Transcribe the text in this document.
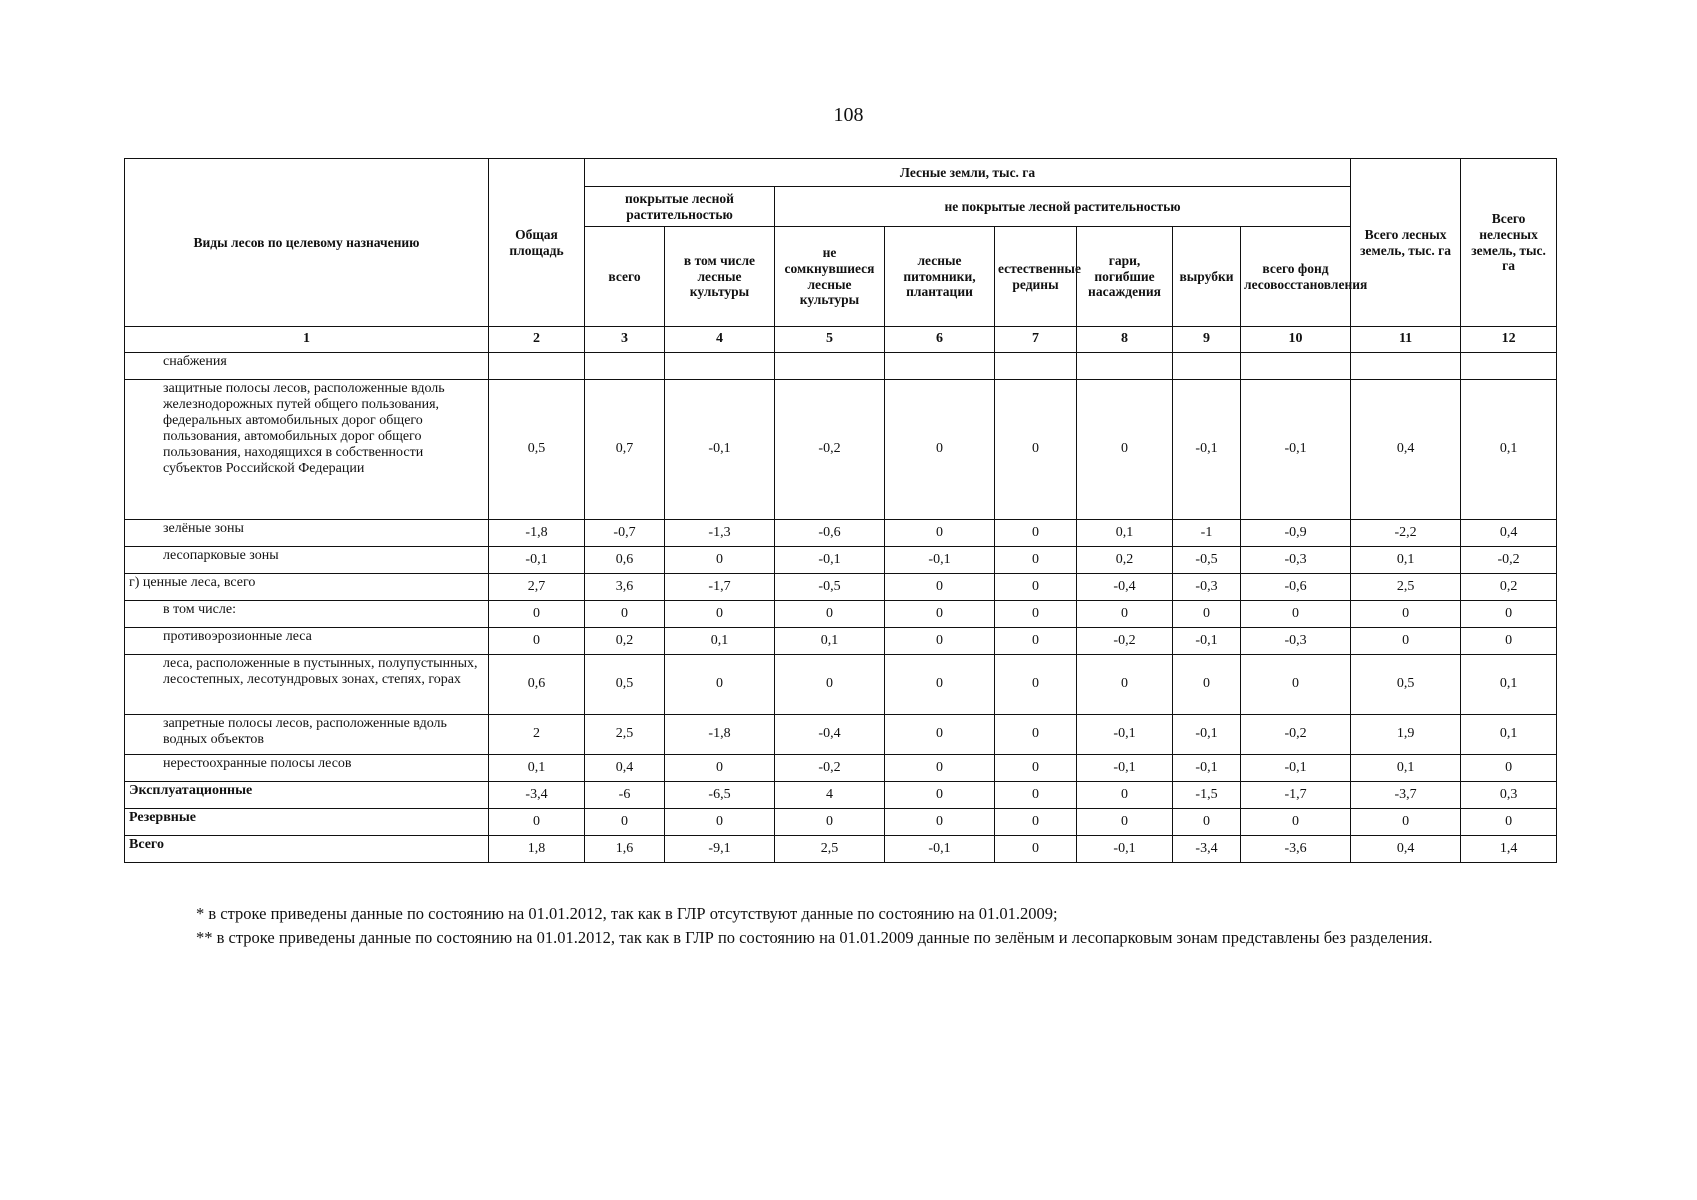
108
Виды лесов по целевому назначению	Общая площадь	Лесные земли, тыс. га								Всего лесных земель, тыс. га	Всего нелесных земель, тыс. га
		покрытые лесной растительностью		не покрытые лесной растительностью							
		всего	в том числе лесные культуры	не сомкнувшиеся лесные культуры	лесные питомники, плантации	естественные редины	гари, погибшие насаждения	вырубки	всего фонд лесовосстановления		
1	2	3	4	5	6	7	8	9	10	11	12
снабжения											
защитные полосы лесов, расположенные вдоль железнодорожных путей общего пользования, федеральных автомобильных дорог общего пользования, автомобильных дорог общего пользования, находящихся в собственности субъектов Российской Федерации	0,5	0,7	-0,1	-0,2	0	0	0	-0,1	-0,1	0,4	0,1
зелёные зоны	-1,8	-0,7	-1,3	-0,6	0	0	0,1	-1	-0,9	-2,2	0,4
лесопарковые зоны	-0,1	0,6	0	-0,1	-0,1	0	0,2	-0,5	-0,3	0,1	-0,2
г) ценные леса, всего	2,7	3,6	-1,7	-0,5	0	0	-0,4	-0,3	-0,6	2,5	0,2
в том числе:	0	0	0	0	0	0	0	0	0	0	0
противоэрозионные леса	0	0,2	0,1	0,1	0	0	-0,2	-0,1	-0,3	0	0
леса, расположенные в пустынных, полупустынных, лесостепных, лесотундровых зонах, степях, горах	0,6	0,5	0	0	0	0	0	0	0	0,5	0,1
запретные полосы лесов, расположенные вдоль водных объектов	2	2,5	-1,8	-0,4	0	0	-0,1	-0,1	-0,2	1,9	0,1
нерестоохранные полосы лесов	0,1	0,4	0	-0,2	0	0	-0,1	-0,1	-0,1	0,1	0
Эксплуатационные	-3,4	-6	-6,5	4	0	0	0	-1,5	-1,7	-3,7	0,3
Резервные	0	0	0	0	0	0	0	0	0	0	0
Всего	1,8	1,6	-9,1	2,5	-0,1	0	-0,1	-3,4	-3,6	0,4	1,4

* в строке приведены данные по состоянию на 01.01.2012, так как в ГЛР отсутствуют данные по состоянию на 01.01.2009;

** в строке приведены данные по состоянию на 01.01.2012, так как в ГЛР по состоянию на 01.01.2009 данные по зелёным и лесопарковым зонам представлены без разделения.
